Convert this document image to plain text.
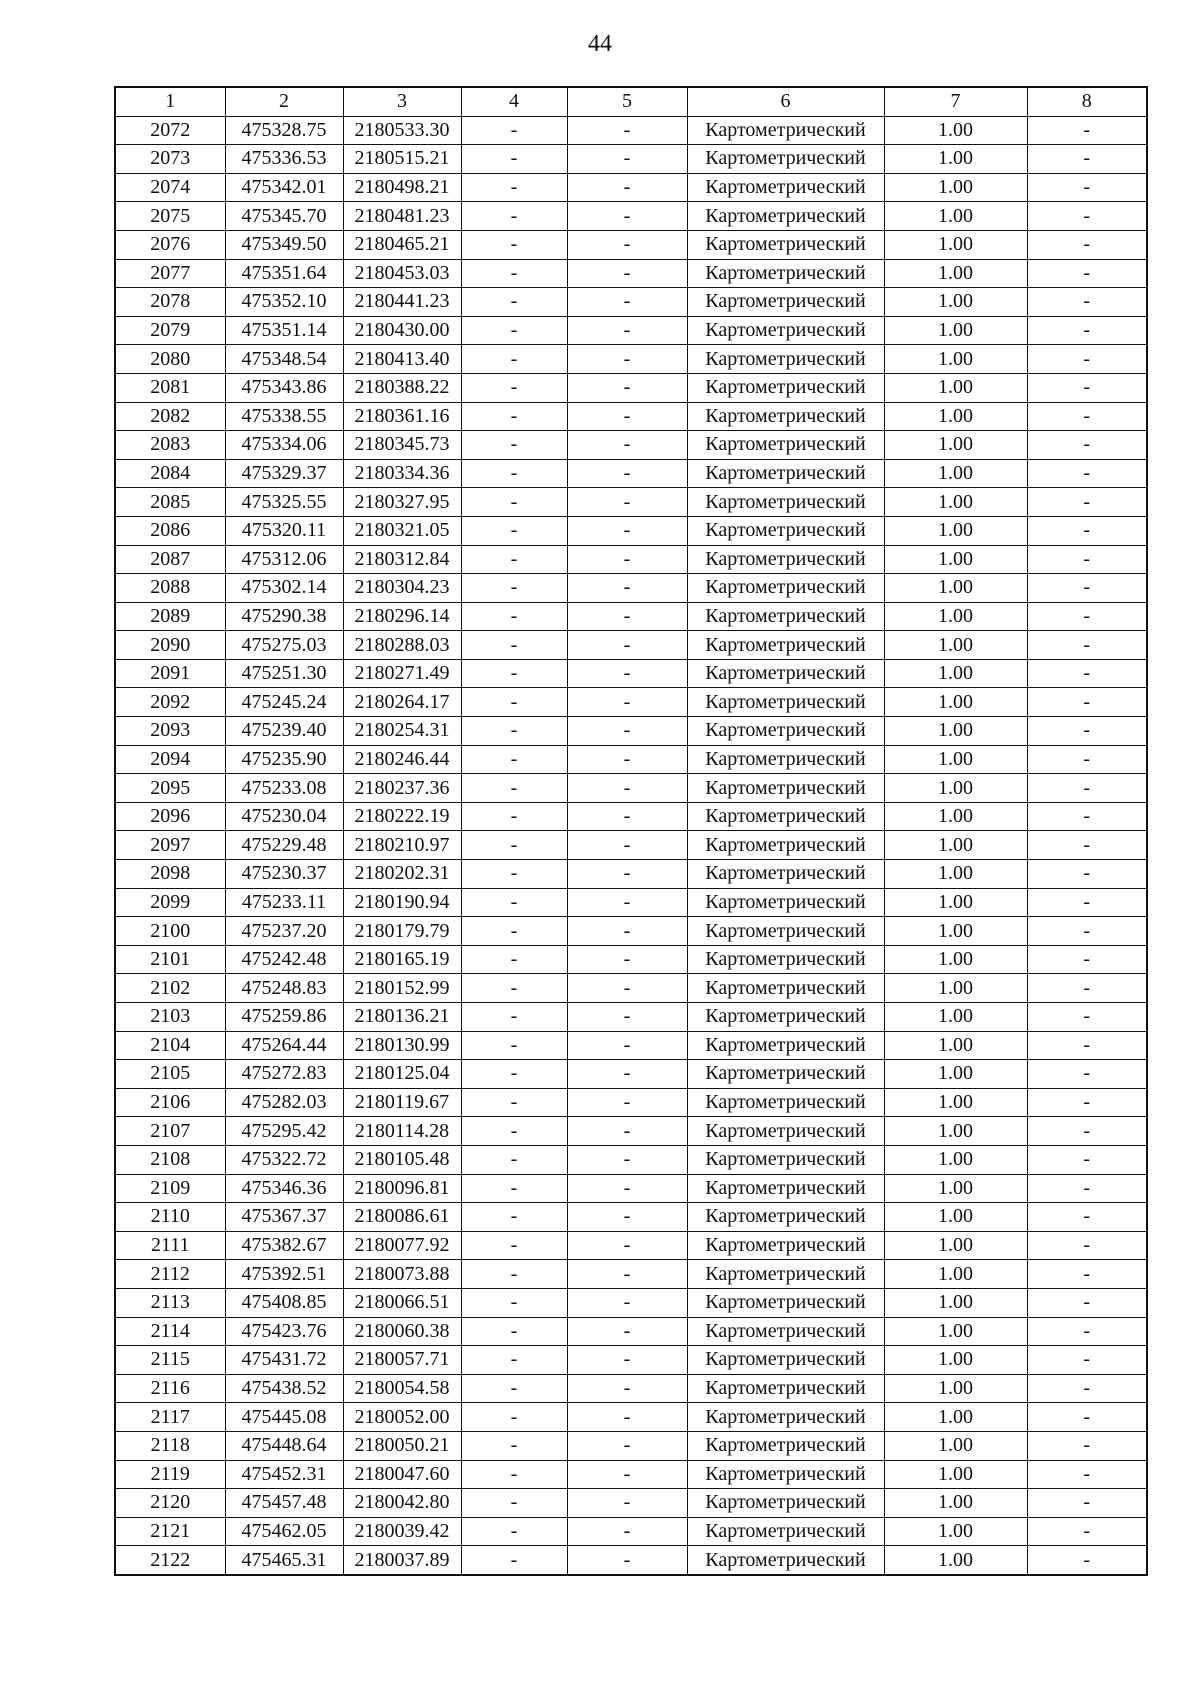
44
1	2	3	4	5	6	7	8
2072	475328.75	2180533.30	-	-	Картометрический	1.00	-
2073	475336.53	2180515.21	-	-	Картометрический	1.00	-
2074	475342.01	2180498.21	-	-	Картометрический	1.00	-
2075	475345.70	2180481.23	-	-	Картометрический	1.00	-
2076	475349.50	2180465.21	-	-	Картометрический	1.00	-
2077	475351.64	2180453.03	-	-	Картометрический	1.00	-
2078	475352.10	2180441.23	-	-	Картометрический	1.00	-
2079	475351.14	2180430.00	-	-	Картометрический	1.00	-
2080	475348.54	2180413.40	-	-	Картометрический	1.00	-
2081	475343.86	2180388.22	-	-	Картометрический	1.00	-
2082	475338.55	2180361.16	-	-	Картометрический	1.00	-
2083	475334.06	2180345.73	-	-	Картометрический	1.00	-
2084	475329.37	2180334.36	-	-	Картометрический	1.00	-
2085	475325.55	2180327.95	-	-	Картометрический	1.00	-
2086	475320.11	2180321.05	-	-	Картометрический	1.00	-
2087	475312.06	2180312.84	-	-	Картометрический	1.00	-
2088	475302.14	2180304.23	-	-	Картометрический	1.00	-
2089	475290.38	2180296.14	-	-	Картометрический	1.00	-
2090	475275.03	2180288.03	-	-	Картометрический	1.00	-
2091	475251.30	2180271.49	-	-	Картометрический	1.00	-
2092	475245.24	2180264.17	-	-	Картометрический	1.00	-
2093	475239.40	2180254.31	-	-	Картометрический	1.00	-
2094	475235.90	2180246.44	-	-	Картометрический	1.00	-
2095	475233.08	2180237.36	-	-	Картометрический	1.00	-
2096	475230.04	2180222.19	-	-	Картометрический	1.00	-
2097	475229.48	2180210.97	-	-	Картометрический	1.00	-
2098	475230.37	2180202.31	-	-	Картометрический	1.00	-
2099	475233.11	2180190.94	-	-	Картометрический	1.00	-
2100	475237.20	2180179.79	-	-	Картометрический	1.00	-
2101	475242.48	2180165.19	-	-	Картометрический	1.00	-
2102	475248.83	2180152.99	-	-	Картометрический	1.00	-
2103	475259.86	2180136.21	-	-	Картометрический	1.00	-
2104	475264.44	2180130.99	-	-	Картометрический	1.00	-
2105	475272.83	2180125.04	-	-	Картометрический	1.00	-
2106	475282.03	2180119.67	-	-	Картометрический	1.00	-
2107	475295.42	2180114.28	-	-	Картометрический	1.00	-
2108	475322.72	2180105.48	-	-	Картометрический	1.00	-
2109	475346.36	2180096.81	-	-	Картометрический	1.00	-
2110	475367.37	2180086.61	-	-	Картометрический	1.00	-
2111	475382.67	2180077.92	-	-	Картометрический	1.00	-
2112	475392.51	2180073.88	-	-	Картометрический	1.00	-
2113	475408.85	2180066.51	-	-	Картометрический	1.00	-
2114	475423.76	2180060.38	-	-	Картометрический	1.00	-
2115	475431.72	2180057.71	-	-	Картометрический	1.00	-
2116	475438.52	2180054.58	-	-	Картометрический	1.00	-
2117	475445.08	2180052.00	-	-	Картометрический	1.00	-
2118	475448.64	2180050.21	-	-	Картометрический	1.00	-
2119	475452.31	2180047.60	-	-	Картометрический	1.00	-
2120	475457.48	2180042.80	-	-	Картометрический	1.00	-
2121	475462.05	2180039.42	-	-	Картометрический	1.00	-
2122	475465.31	2180037.89	-	-	Картометрический	1.00	-
